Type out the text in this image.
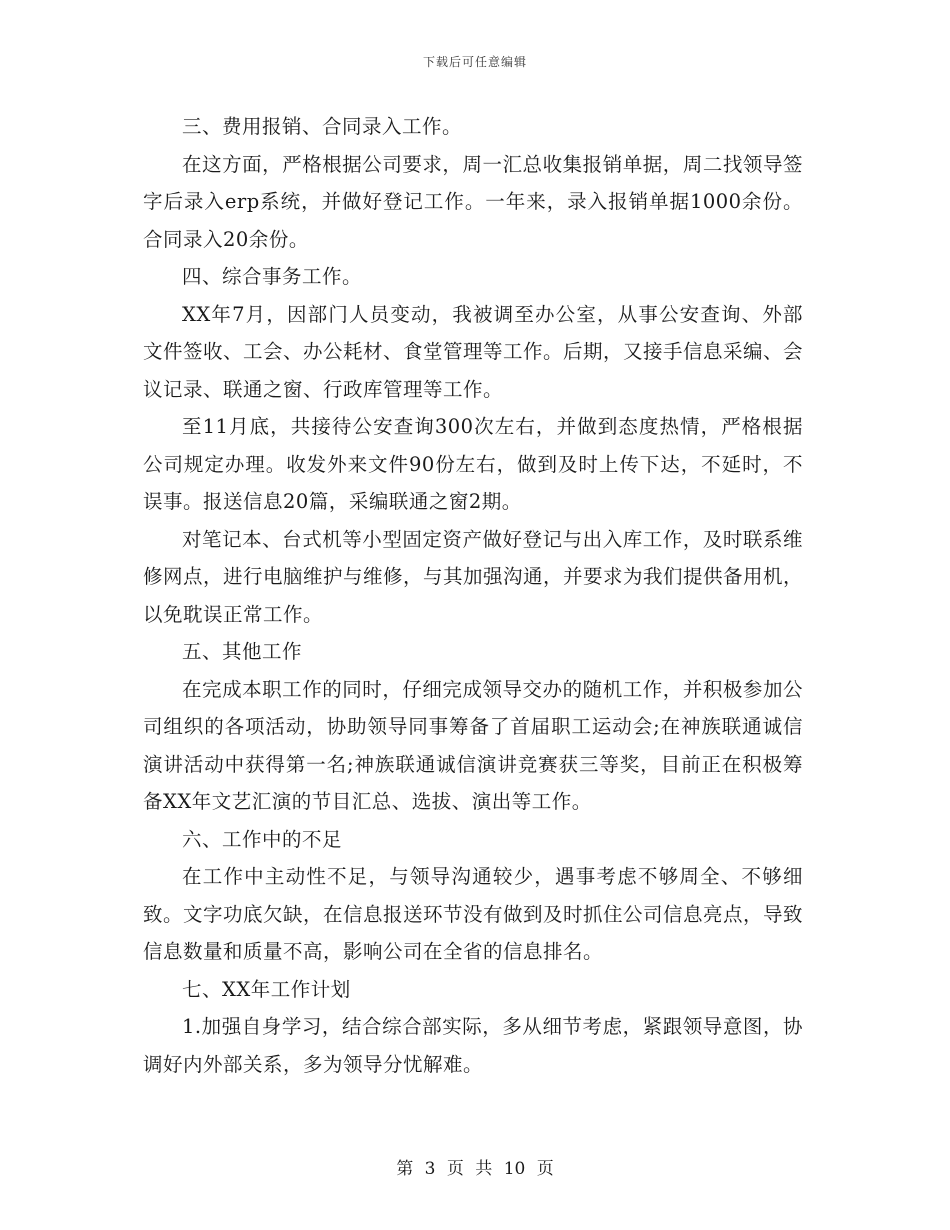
下载后可任意编辑

三、费用报销、合同录入工作。

在这方面，严格根据公司要求，周一汇总收集报销单据，周二找领导签字后录入erp系统，并做好登记工作。一年来，录入报销单据1000余份。合同录入20余份。

四、综合事务工作。

XX年7月，因部门人员变动，我被调至办公室，从事公安查询、外部文件签收、工会、办公耗材、食堂管理等工作。后期，又接手信息采编、会议记录、联通之窗、行政库管理等工作。

至11月底，共接待公安查询300次左右，并做到态度热情，严格根据公司规定办理。收发外来文件90份左右，做到及时上传下达，不延时，不误事。报送信息20篇，采编联通之窗2期。

对笔记本、台式机等小型固定资产做好登记与出入库工作，及时联系维修网点，进行电脑维护与维修，与其加强沟通，并要求为我们提供备用机，以免耽误正常工作。

五、其他工作

在完成本职工作的同时，仔细完成领导交办的随机工作，并积极参加公司组织的各项活动，协助领导同事筹备了首届职工运动会;在神族联通诚信演讲活动中获得第一名;神族联通诚信演讲竞赛获三等奖，目前正在积极筹备XX年文艺汇演的节目汇总、选拔、演出等工作。

六、工作中的不足

在工作中主动性不足，与领导沟通较少，遇事考虑不够周全、不够细致。文字功底欠缺，在信息报送环节没有做到及时抓住公司信息亮点，导致信息数量和质量不高，影响公司在全省的信息排名。

七、XX年工作计划

1.加强自身学习，结合综合部实际，多从细节考虑，紧跟领导意图，协调好内外部关系，多为领导分忧解难。

第 3 页 共 10 页
